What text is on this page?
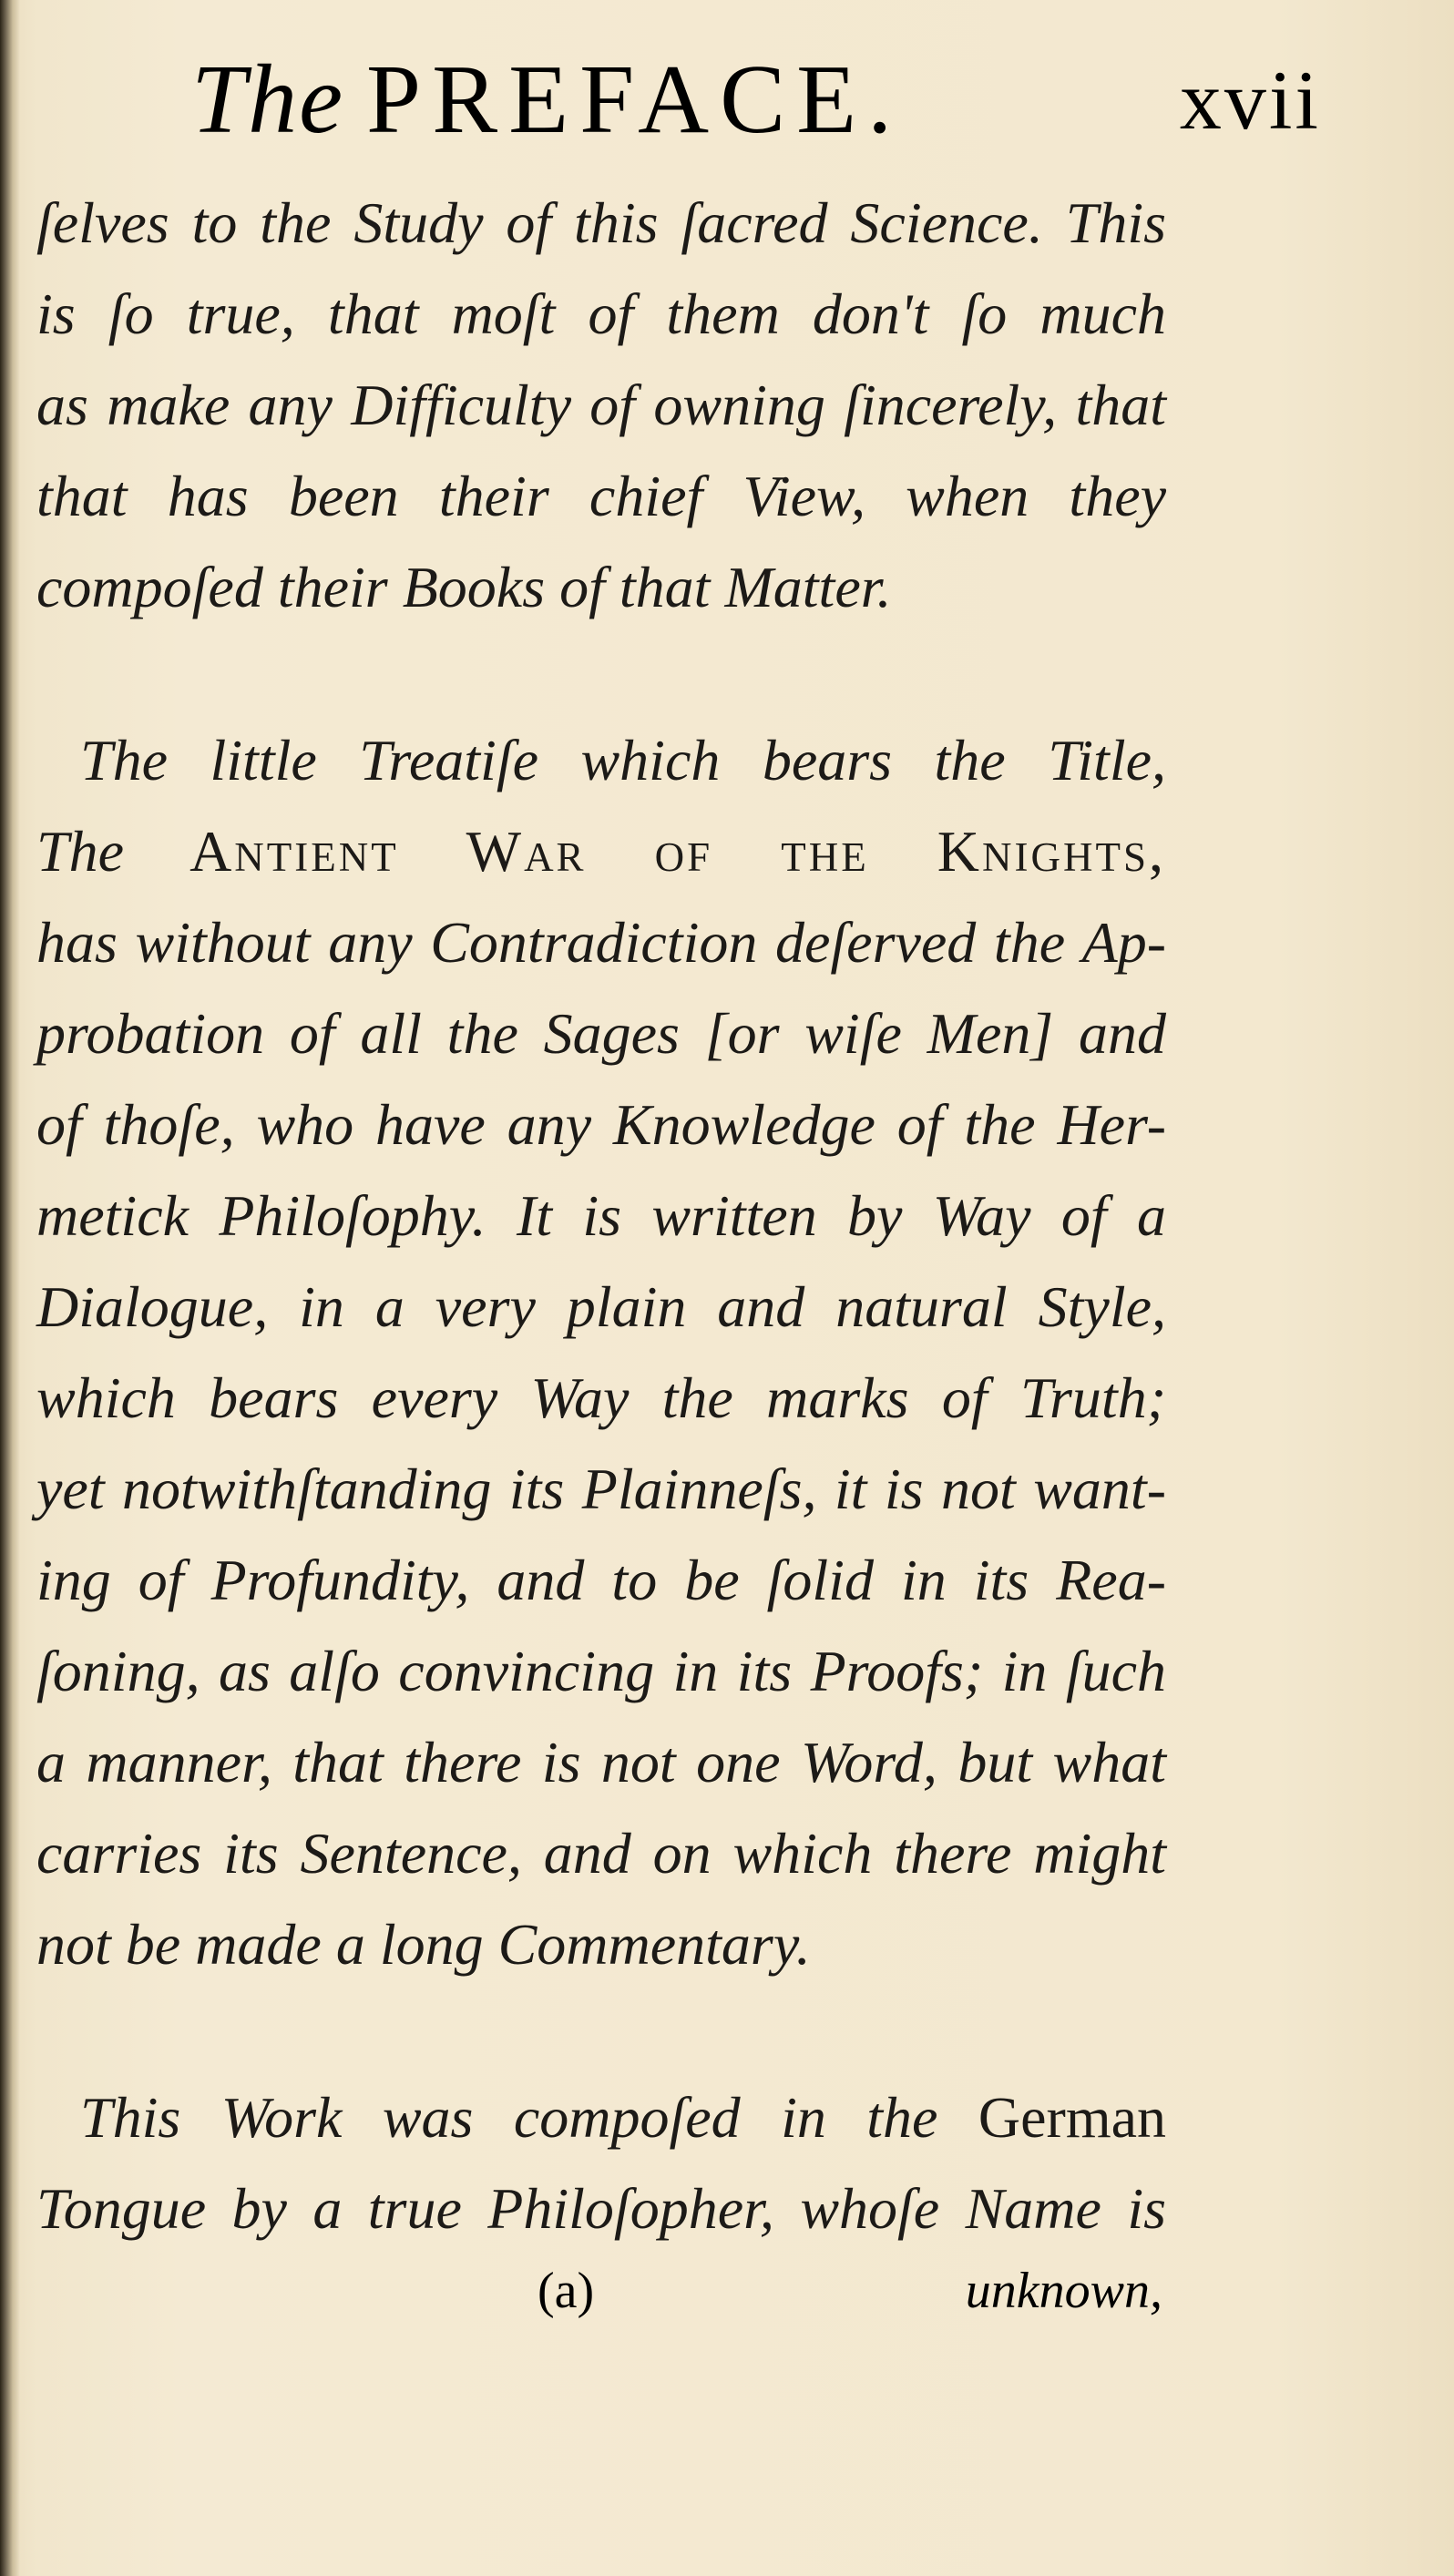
The PREFACE.	xvii
ſelves to the Study of this ſacred Science. This
is ſo true, that moſt of them don't ſo much
as make any Difficulty of owning ſincerely, that
that has been their chief View, when they
compoſed their Books of that Matter.
The little Treatiſe which bears the Title,
The Antient War of the Knights,
has without any Contradiction deſerved the Ap-
probation of all the Sages [or wiſe Men] and
of thoſe, who have any Knowledge of the Her-
metick Philoſophy. It is written by Way of a
Dialogue, in a very plain and natural Style,
which bears every Way the marks of Truth;
yet notwithſtanding its Plainneſs, it is not want-
ing of Profundity, and to be ſolid in its Rea-
ſoning, as alſo convincing in its Proofs; in ſuch
a manner, that there is not one Word, but what
carries its Sentence, and on which there might
not be made a long Commentary.
This Work was compoſed in the German
Tongue by a true Philoſopher, whoſe Name is
(a)	unknown,
